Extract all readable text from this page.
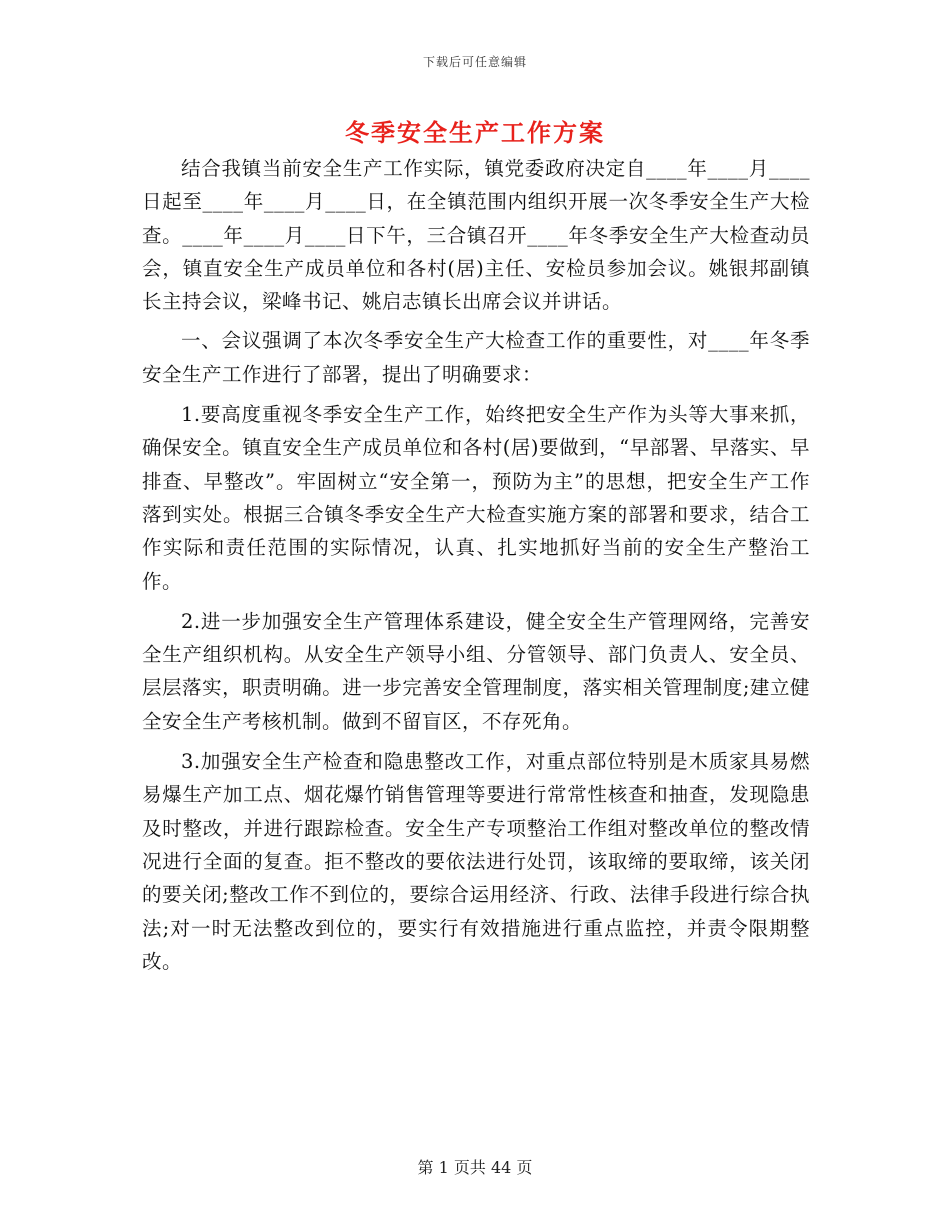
下载后可任意编辑
冬季安全生产工作方案

结合我镇当前安全生产工作实际，镇党委政府决定自____年____月____日起至____年____月____日，在全镇范围内组织开展一次冬季安全生产大检查。____年____月____日下午，三合镇召开____年冬季安全生产大检查动员会，镇直安全生产成员单位和各村(居)主任、安检员参加会议。姚银邦副镇长主持会议，梁峰书记、姚启志镇长出席会议并讲话。

一、会议强调了本次冬季安全生产大检查工作的重要性，对____年冬季安全生产工作进行了部署，提出了明确要求：

1.要高度重视冬季安全生产工作，始终把安全生产作为头等大事来抓，确保安全。镇直安全生产成员单位和各村(居)要做到，“早部署、早落实、早排查、早整改”。牢固树立“安全第一，预防为主”的思想，把安全生产工作落到实处。根据三合镇冬季安全生产大检查实施方案的部署和要求，结合工作实际和责任范围的实际情况，认真、扎实地抓好当前的安全生产整治工作。

2.进一步加强安全生产管理体系建设，健全安全生产管理网络，完善安全生产组织机构。从安全生产领导小组、分管领导、部门负责人、安全员、层层落实，职责明确。进一步完善安全管理制度，落实相关管理制度;建立健全安全生产考核机制。做到不留盲区，不存死角。

3.加强安全生产检查和隐患整改工作，对重点部位特别是木质家具易燃易爆生产加工点、烟花爆竹销售管理等要进行常常性核查和抽查，发现隐患及时整改，并进行跟踪检查。安全生产专项整治工作组对整改单位的整改情况进行全面的复查。拒不整改的要依法进行处罚，该取缔的要取缔，该关闭的要关闭;整改工作不到位的，要综合运用经济、行政、法律手段进行综合执法;对一时无法整改到位的，要实行有效措施进行重点监控，并责令限期整改。

第 1 页共 44 页
